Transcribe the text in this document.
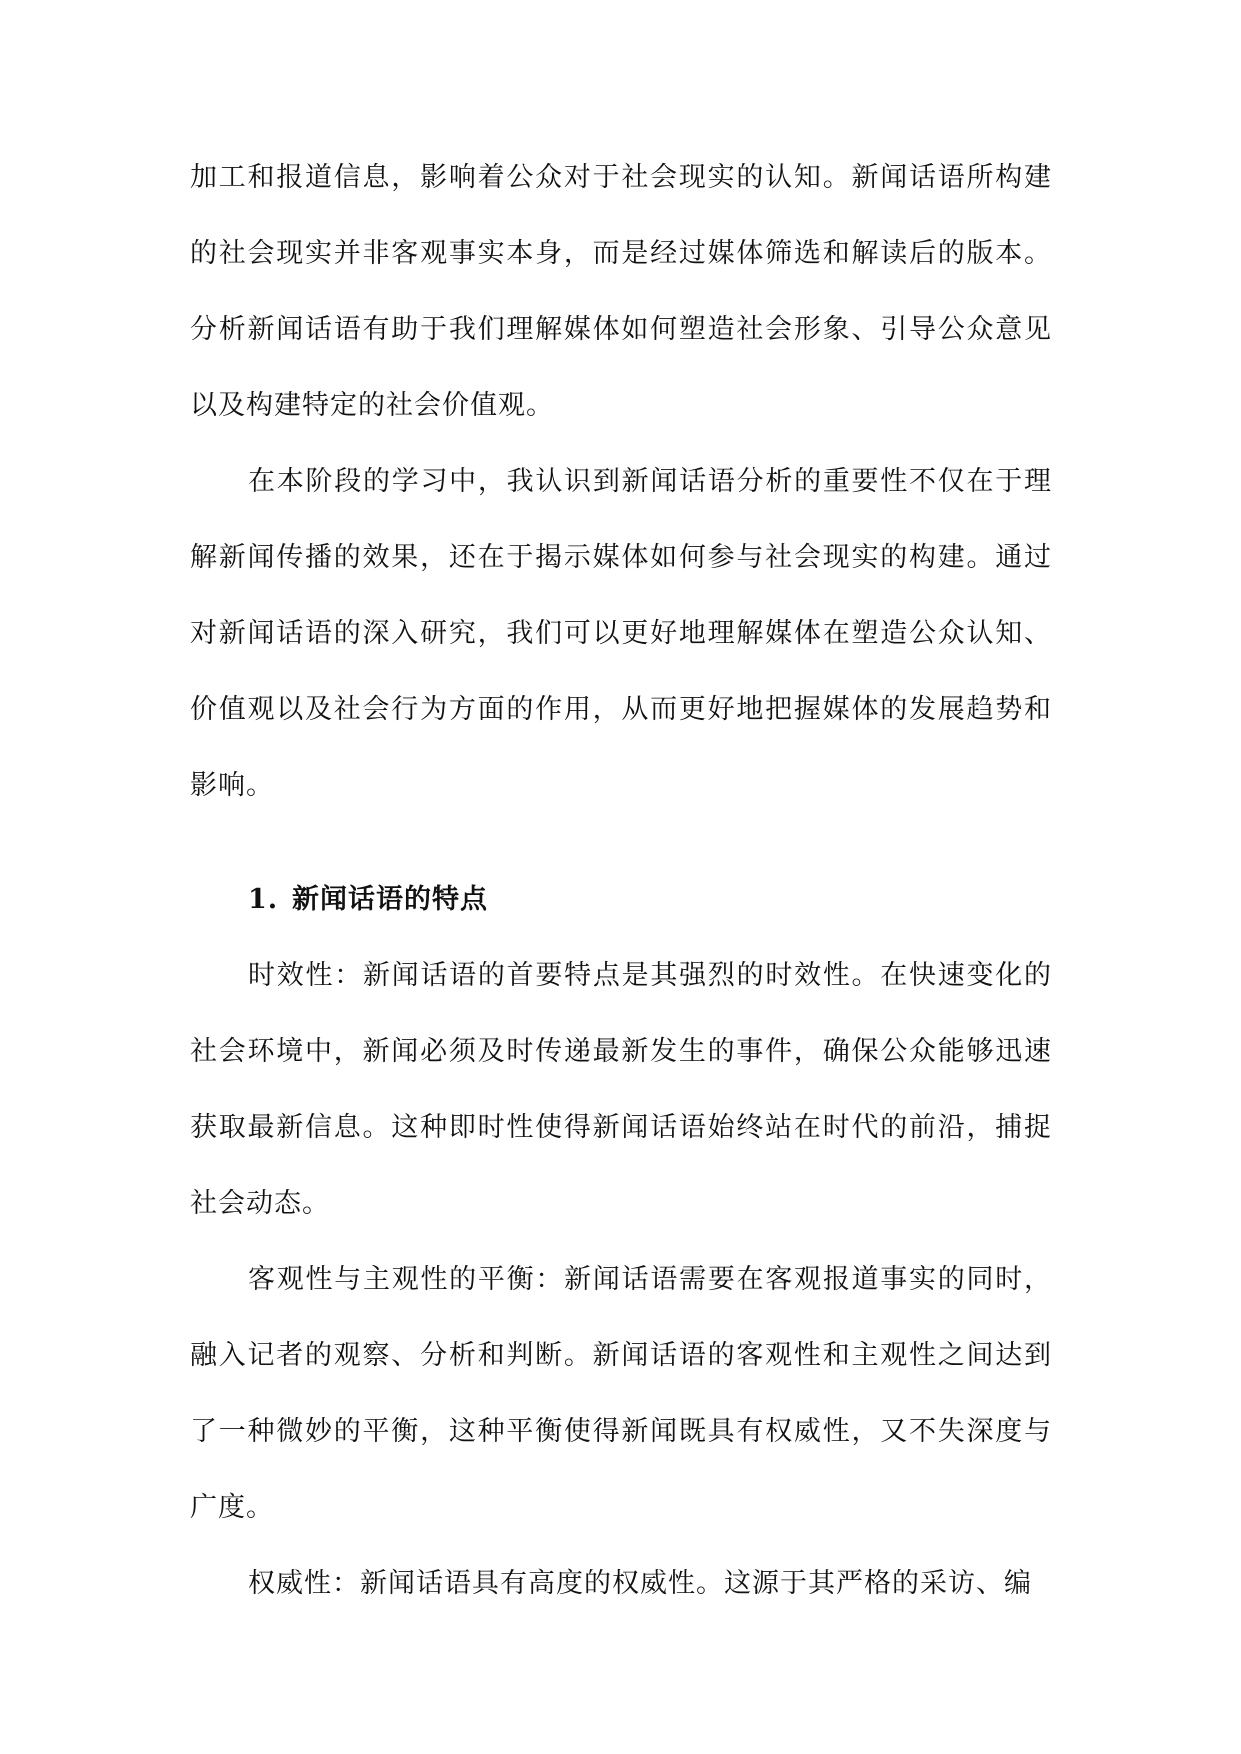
加工和报道信息，影响着公众对于社会现实的认知。新闻话语所构建的社会现实并非客观事实本身，而是经过媒体筛选和解读后的版本。分析新闻话语有助于我们理解媒体如何塑造社会形象、引导公众意见以及构建特定的社会价值观。

在本阶段的学习中，我认识到新闻话语分析的重要性不仅在于理解新闻传播的效果，还在于揭示媒体如何参与社会现实的构建。通过对新闻话语的深入研究，我们可以更好地理解媒体在塑造公众认知、价值观以及社会行为方面的作用，从而更好地把握媒体的发展趋势和影响。

1. 新闻话语的特点

时效性：新闻话语的首要特点是其强烈的时效性。在快速变化的社会环境中，新闻必须及时传递最新发生的事件，确保公众能够迅速获取最新信息。这种即时性使得新闻话语始终站在时代的前沿，捕捉社会动态。

客观性与主观性的平衡：新闻话语需要在客观报道事实的同时，融入记者的观察、分析和判断。新闻话语的客观性和主观性之间达到了一种微妙的平衡，这种平衡使得新闻既具有权威性，又不失深度与广度。

权威性：新闻话语具有高度的权威性。这源于其严格的采访、编
